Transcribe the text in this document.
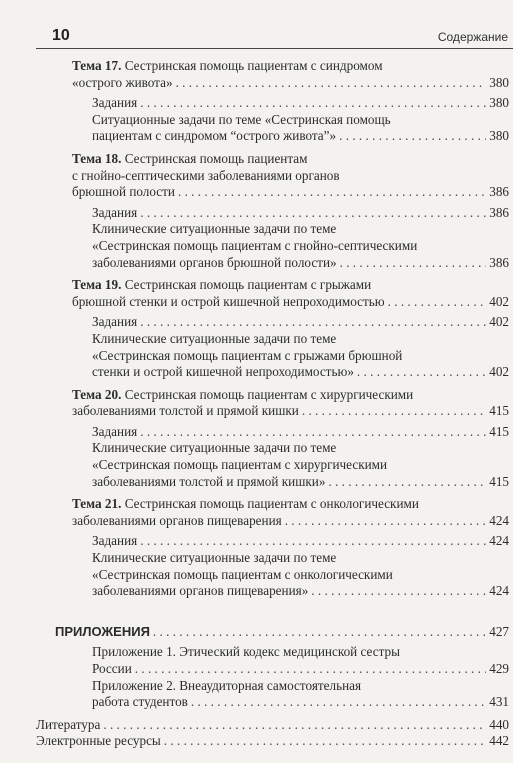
10	Содержание
Тема 17. Сестринская помощь пациентам с синдромом
«острого живота» . . .	380
Задания . . .	380
Ситуационные задачи по теме «Сестринская помощь
пациентам с синдромом “острого живота”» . . .	380
Тема 18. Сестринская помощь пациентам
с гнойно-септическими заболеваниями органов
брюшной полости . . .	386
Задания . . .	386
Клинические ситуационные задачи по теме
«Сестринская помощь пациентам с гнойно-септическими
заболеваниями органов брюшной полости» . . .	386
Тема 19. Сестринская помощь пациентам с грыжами
брюшной стенки и острой кишечной непроходимостью . . .	402
Задания . . .	402
Клинические ситуационные задачи по теме
«Сестринская помощь пациентам с грыжами брюшной
стенки и острой кишечной непроходимостью» . . .	402
Тема 20. Сестринская помощь пациентам с хирургическими
заболеваниями толстой и прямой кишки . . .	415
Задания . . .	415
Клинические ситуационные задачи по теме
«Сестринская помощь пациентам с хирургическими
заболеваниями толстой и прямой кишки» . . .	415
Тема 21. Сестринская помощь пациентам с онкологическими
заболеваниями органов пищеварения . . .	424
Задания . . .	424
Клинические ситуационные задачи по теме
«Сестринская помощь пациентам с онкологическими
заболеваниями органов пищеварения» . . .	424
ПРИЛОЖЕНИЯ . . .	427
Приложение 1. Этический кодекс медицинской сестры
России . . .	429
Приложение 2. Внеаудиторная самостоятельная
работа студентов . . .	431
Литература . . .	440
Электронные ресурсы . . .	442
